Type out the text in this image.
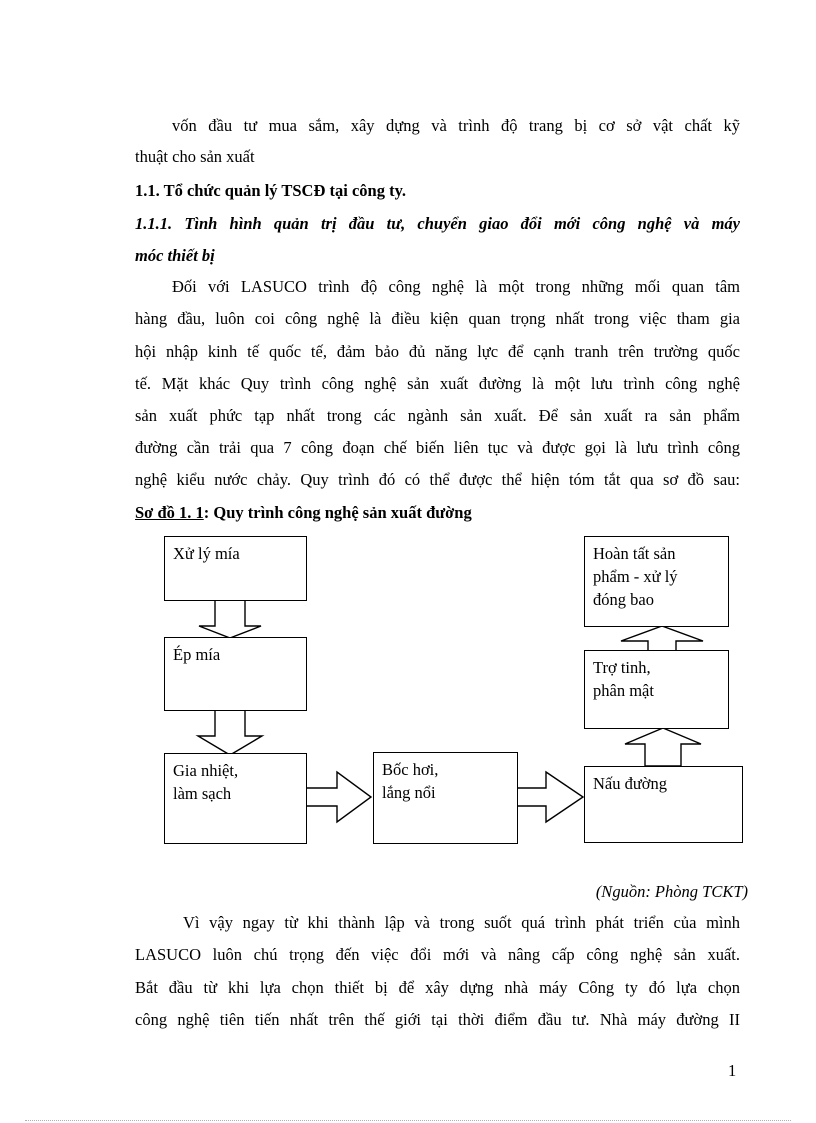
vốn đầu tư mua sắm, xây dựng và trình độ trang bị cơ sở vật chất kỹ
thuật cho sản xuất
1.1. Tổ chức quản lý TSCĐ tại công ty.
1.1.1. Tình hình quản trị đầu tư, chuyển giao đổi mới công nghệ và máy
móc thiết bị
Đối với LASUCO trình độ công nghệ là một trong những mối quan tâm
hàng đầu, luôn coi công nghệ là điều kiện quan trọng nhất trong việc tham gia
hội nhập kinh tế quốc tế, đảm bảo đủ năng lực để cạnh tranh trên trường quốc
tế. Mặt khác Quy trình công nghệ sản xuất đường là một lưu trình công nghệ
sản xuất phức tạp nhất trong các ngành sản xuất. Để sản xuất ra sản phẩm
đường cần trải qua 7 công đoạn chế biến liên tục và được gọi là lưu trình công
nghệ kiểu nước chảy. Quy trình đó có thể được thể hiện tóm tắt qua sơ đồ sau:
Sơ đồ 1. 1: Quy trình công nghệ sản xuất đường
Xử lý mía
Ép mía
Gia nhiệt,
làm sạch
Bốc hơi,
lắng nổi	Nấu đường
Trợ tinh,
phân mật
Hoàn tất sản
phẩm - xử lý
đóng bao
(Nguồn: Phòng TCKT)
Vì vậy ngay từ khi thành lập và trong suốt quá trình phát triển của mình
LASUCO luôn chú trọng đến việc đổi mới và nâng cấp công nghệ sản xuất.
Bắt đầu từ khi lựa chọn thiết bị để xây dựng nhà máy Công ty đó lựa chọn
công nghệ tiên tiến nhất trên thế giới tại thời điểm đầu tư. Nhà máy đường II
1
